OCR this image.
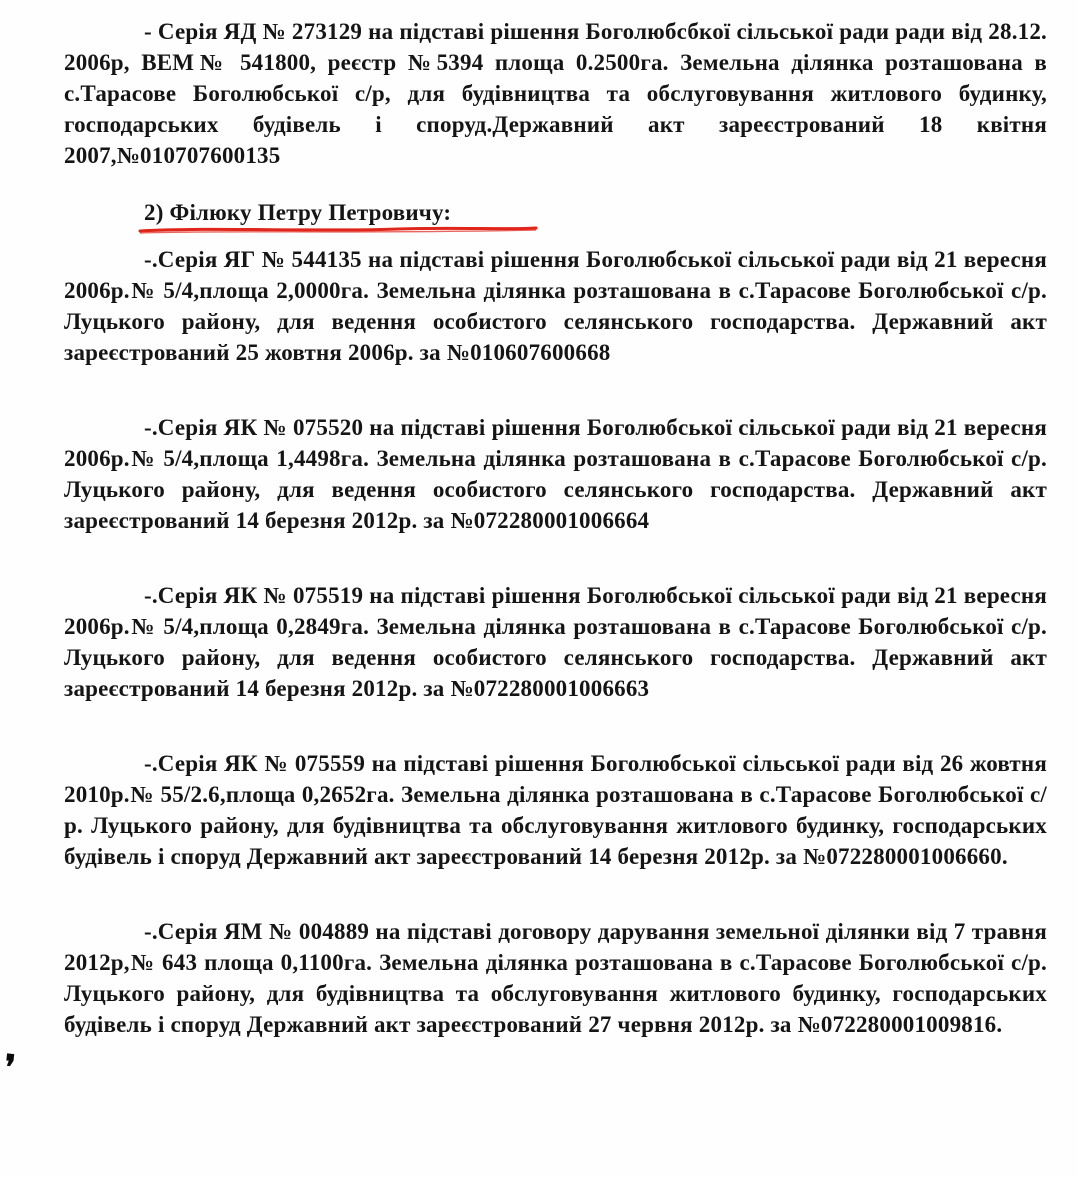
- Серія ЯД № 273129 на підставі рішення Боголюбсбкої сільської ради ради від 28.12. 2006р, ВЕМ№ 541800, реєстр №5394 площа 0.2500га. Земельна ділянка розташована в с.Тарасове Боголюбської с/р, для будівництва та обслуговування житлового будинку, господарських будівель і споруд.Державний акт зареєстрований 18 квітня 2007,№010707600135

2) Філюку Петру Петровичу:

-.Серія ЯГ № 544135 на підставі рішення Боголюбської сільської ради від 21 вересня 2006р.№ 5/4,площа 2,0000га. Земельна ділянка розташована в с.Тарасове Боголюбської с/р. Луцького району, для ведення особистого селянського господарства. Державний акт зареєстрований 25 жовтня 2006р. за №010607600668

-.Серія ЯК № 075520 на підставі рішення Боголюбської сільської ради від 21 вересня 2006р.№ 5/4,площа 1,4498га. Земельна ділянка розташована в с.Тарасове Боголюбської с/р. Луцького району, для ведення особистого селянського господарства. Державний акт зареєстрований 14 березня 2012р. за №072280001006664

-.Серія ЯК № 075519 на підставі рішення Боголюбської сільської ради від 21 вересня 2006р.№ 5/4,площа 0,2849га. Земельна ділянка розташована в с.Тарасове Боголюбської с/р. Луцького району, для ведення особистого селянського господарства. Державний акт зареєстрований 14 березня 2012р. за №072280001006663

-.Серія ЯК № 075559 на підставі рішення Боголюбської сільської ради від 26 жовтня 2010р.№ 55/2.6,площа 0,2652га. Земельна ділянка розташована в с.Тарасове Боголюбської с/р. Луцького району, для будівництва та обслуговування житлового будинку, господарських будівель і споруд Державний акт зареєстрований 14 березня 2012р. за №072280001006660.

-.Серія ЯМ № 004889 на підставі договору дарування земельної ділянки від 7 травня 2012р,№ 643 площа 0,1100га. Земельна ділянка розташована в с.Тарасове Боголюбської с/р. Луцького району, для будівництва та обслуговування житлового будинку, господарських будівель і споруд Державний акт зареєстрований 27 червня 2012р. за №072280001009816.

❜
